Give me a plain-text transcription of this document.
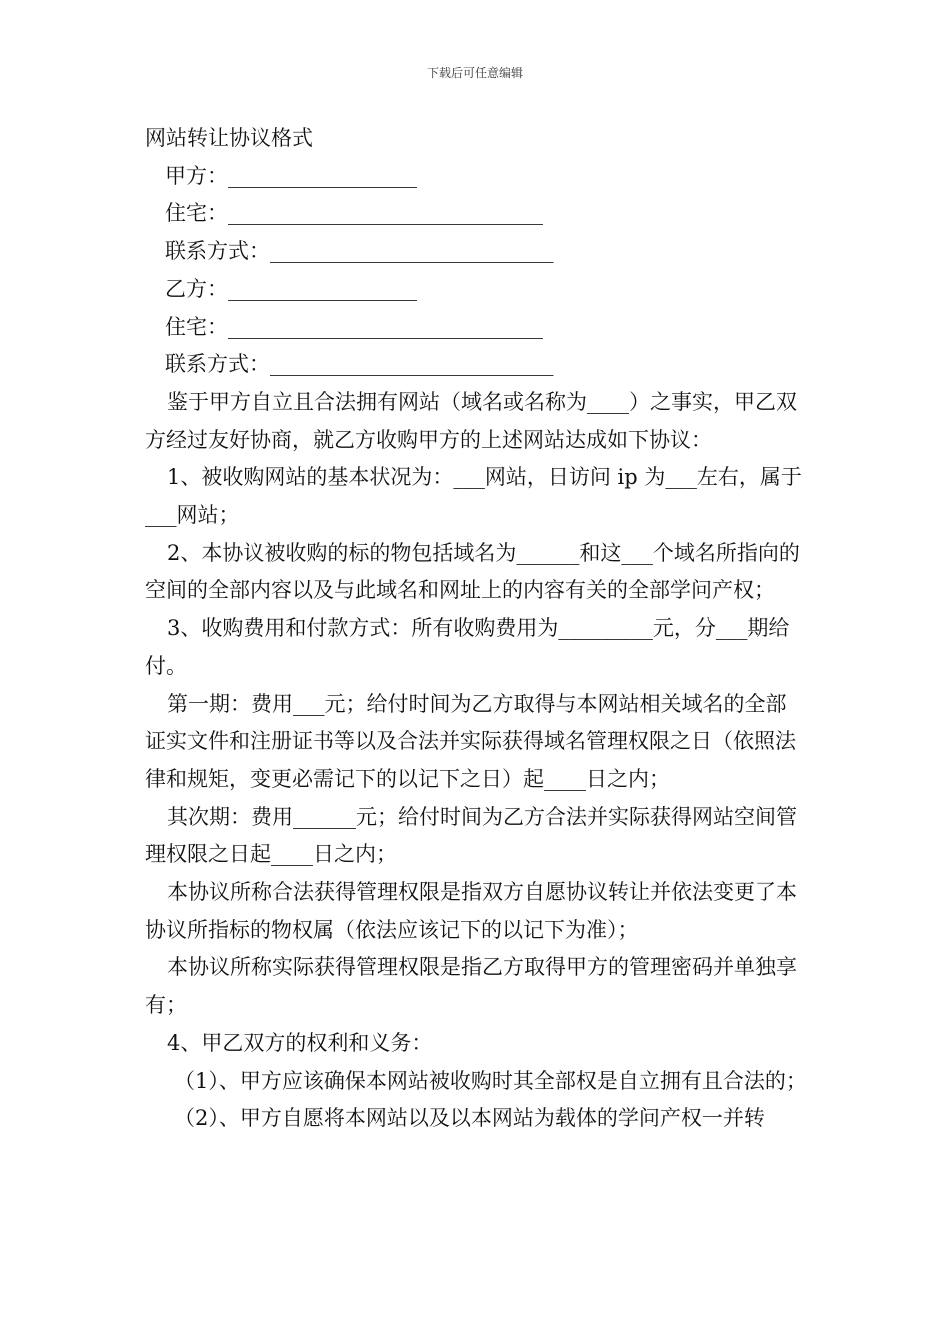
下载后可任意编辑

网站转让协议格式

甲方：__________________

住宅：______________________________

联系方式：___________________________

乙方：__________________

住宅：______________________________

联系方式：___________________________

鉴于甲方自立且合法拥有网站（域名或名称为____）之事实，甲乙双方经过友好协商，就乙方收购甲方的上述网站达成如下协议：

1、被收购网站的基本状况为：___网站，日访问 ip 为___左右，属于___网站；

2、本协议被收购的标的物包括域名为______和这___个域名所指向的空间的全部内容以及与此域名和网址上的内容有关的全部学问产权；

3、收购费用和付款方式：所有收购费用为_________元，分___期给付。

第一期：费用___元；给付时间为乙方取得与本网站相关域名的全部证实文件和注册证书等以及合法并实际获得域名管理权限之日（依照法律和规矩，变更必需记下的以记下之日）起____日之内；

其次期：费用______元；给付时间为乙方合法并实际获得网站空间管理权限之日起____日之内；

本协议所称合法获得管理权限是指双方自愿协议转让并依法变更了本协议所指标的物权属（依法应该记下的以记下为准）；

本协议所称实际获得管理权限是指乙方取得甲方的管理密码并单独享有；

4、甲乙双方的权利和义务：

（1）、甲方应该确保本网站被收购时其全部权是自立拥有且合法的；

（2）、甲方自愿将本网站以及以本网站为载体的学问产权一并转
